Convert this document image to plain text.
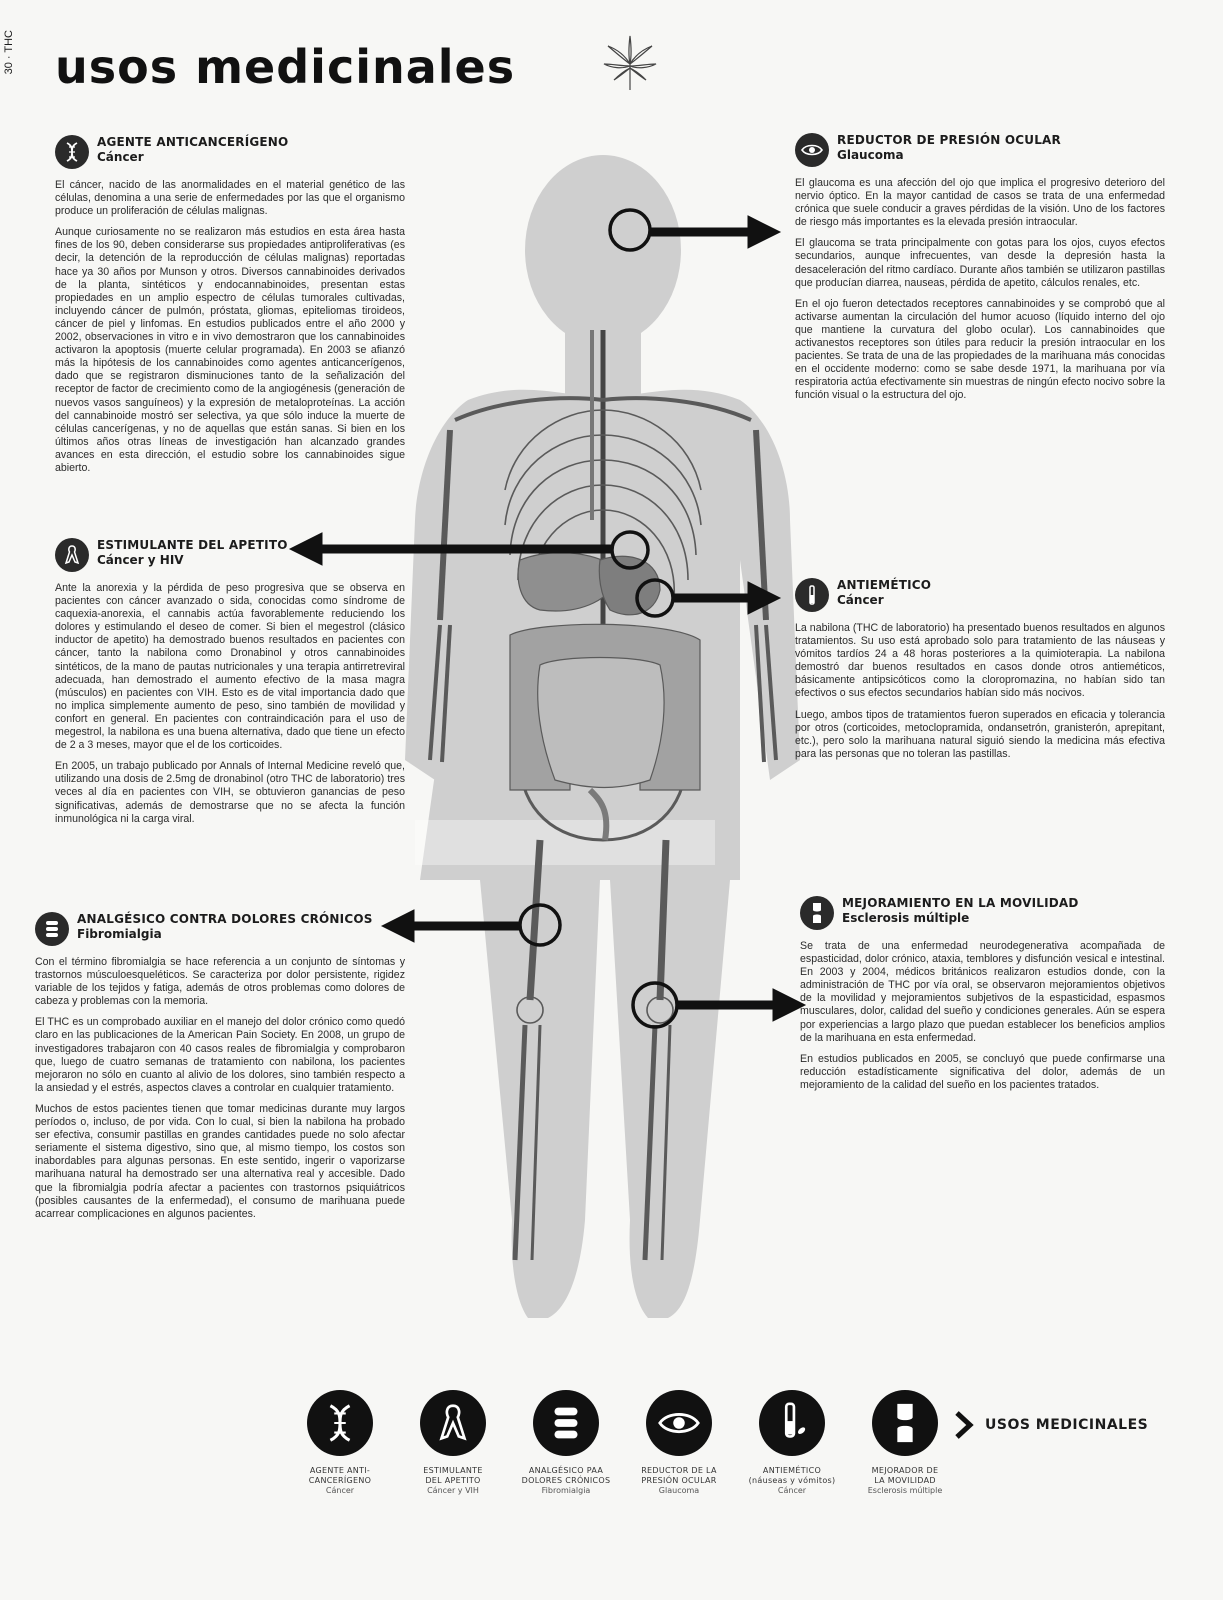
30 · THC usos medicinales
AGENTE ANTICANCERÍGENO
Cáncer

El cáncer, nacido de las anormalidades en el material genético de las células, denomina a una serie de enfermedades por las que el organismo produce un proliferación de células malignas.

Aunque curiosamente no se realizaron más estudios en esta área hasta fines de los 90, deben considerarse sus propiedades antiproliferativas (es decir, la detención de la reproducción de células malignas) reportadas hace ya 30 años por Munson y otros. Diversos cannabinoides derivados de la planta, sintéticos y endocannabinoides, presentan estas propiedades en un amplio espectro de células tumorales cultivadas, incluyendo cáncer de pulmón, próstata, gliomas, epiteliomas tiroideos, cáncer de piel y linfomas. En estudios publicados entre el año 2000 y 2002, observaciones in vitro e in vivo demostraron que los cannabinoides activaron la apoptosis (muerte celular programada). En 2003 se afianzó más la hipótesis de los cannabinoides como agentes anticancerígenos, dado que se registraron disminuciones tanto de la señalización del receptor de factor de crecimiento como de la angiogénesis (generación de nuevos vasos sanguíneos) y la expresión de metaloproteínas. La acción del cannabinoide mostró ser selectiva, ya que sólo induce la muerte de células cancerígenas, y no de aquellas que están sanas. Si bien en los últimos años otras líneas de investigación han alcanzado grandes avances en esta dirección, el estudio sobre los cannabinoides sigue abierto.

ESTIMULANTE DEL APETITO
Cáncer y HIV

Ante la anorexia y la pérdida de peso progresiva que se observa en pacientes con cáncer avanzado o sida, conocidas como síndrome de caquexia-anorexia, el cannabis actúa favorablemente reduciendo los dolores y estimulando el deseo de comer. Si bien el megestrol (clásico inductor de apetito) ha demostrado buenos resultados en pacientes con cáncer, tanto la nabilona como Dronabinol y otros cannabinoides sintéticos, de la mano de pautas nutricionales y una terapia antirretreviral adecuada, han demostrado el aumento efectivo de la masa magra (músculos) en pacientes con VIH. Esto es de vital importancia dado que no implica simplemente aumento de peso, sino también de movilidad y confort en general. En pacientes con contraindicación para el uso de megestrol, la nabilona es una buena alternativa, dado que tiene un efecto de 2 a 3 meses, mayor que el de los corticoides.

En 2005, un trabajo publicado por Annals of Internal Medicine reveló que, utilizando una dosis de 2.5mg de dronabinol (otro THC de laboratorio) tres veces al día en pacientes con VIH, se obtuvieron ganancias de peso significativas, además de demostrarse que no se afecta la función inmunológica ni la carga viral.

ANALGÉSICO CONTRA DOLORES CRÓNICOS
Fibromialgia

Con el término fibromialgia se hace referencia a un conjunto de síntomas y trastornos músculoesqueléticos. Se caracteriza por dolor persistente, rigidez variable de los tejidos y fatiga, además de otros problemas como dolores de cabeza y problemas con la memoria.

El THC es un comprobado auxiliar en el manejo del dolor crónico como quedó claro en las publicaciones de la American Pain Society. En 2008, un grupo de investigadores trabajaron con 40 casos reales de fibromialgia y comprobaron que, luego de cuatro semanas de tratamiento con nabilona, los pacientes mejoraron no sólo en cuanto al alivio de los dolores, sino también respecto a la ansiedad y el estrés, aspectos claves a controlar en cualquier tratamiento.

Muchos de estos pacientes tienen que tomar medicinas durante muy largos períodos o, incluso, de por vida. Con lo cual, si bien la nabilona ha probado ser efectiva, consumir pastillas en grandes cantidades puede no solo afectar seriamente el sistema digestivo, sino que, al mismo tiempo, los costos son inabordables para algunas personas. En este sentido, ingerir o vaporizarse marihuana natural ha demostrado ser una alternativa real y accesible. Dado que la fibromialgia podría afectar a pacientes con trastornos psiquiátricos (posibles causantes de la enfermedad), el consumo de marihuana puede acarrear complicaciones en algunos pacientes.

REDUCTOR DE PRESIÓN OCULAR
Glaucoma

El glaucoma es una afección del ojo que implica el progresivo deterioro del nervio óptico. En la mayor cantidad de casos se trata de una enfermedad crónica que suele conducir a graves pérdidas de la visión. Uno de los factores de riesgo más importantes es la elevada presión intraocular.

El glaucoma se trata principalmente con gotas para los ojos, cuyos efectos secundarios, aunque infrecuentes, van desde la depresión hasta la desaceleración del ritmo cardíaco. Durante años también se utilizaron pastillas que producían diarrea, nauseas, pérdida de apetito, cálculos renales, etc.

En el ojo fueron detectados receptores cannabinoides y se comprobó que al activarse aumentan la circulación del humor acuoso (líquido interno del ojo que mantiene la curvatura del globo ocular). Los cannabinoides que activanestos receptores son útiles para reducir la presión intraocular en los pacientes. Se trata de una de las propiedades de la marihuana más conocidas en el occidente moderno: como se sabe desde 1971, la marihuana por vía respiratoria actúa efectivamente sin muestras de ningún efecto nocivo sobre la función visual o la estructura del ojo.

ANTIEMÉTICO
Cáncer

La nabilona (THC de laboratorio) ha presentado buenos resultados en algunos tratamientos. Su uso está aprobado solo para tratamiento de las náuseas y vómitos tardíos 24 a 48 horas posteriores a la quimioterapia. La nabilona demostró dar buenos resultados en casos donde otros antieméticos, básicamente antipsicóticos como la cloropromazina, no habían sido tan efectivos o sus efectos secundarios habían sido más nocivos.

Luego, ambos tipos de tratamientos fueron superados en eficacia y tolerancia por otros (corticoides, metoclopramida, ondansetrón, granisterón, aprepitant, etc.), pero solo la marihuana natural siguió siendo la medicina más efectiva para las personas que no toleran las pastillas.

MEJORAMIENTO EN LA MOVILIDAD
Esclerosis múltiple

Se trata de una enfermedad neurodegenerativa acompañada de espasticidad, dolor crónico, ataxia, temblores y disfunción vesical e intestinal. En 2003 y 2004, médicos británicos realizaron estudios donde, con la administración de THC por vía oral, se observaron mejoramientos objetivos de la movilidad y mejoramientos subjetivos de la espasticidad, espasmos musculares, dolor, calidad del sueño y condiciones generales. Aún se espera por experiencias a largo plazo que puedan establecer los beneficios amplios de la marihuana en esta enfermedad.

En estudios publicados en 2005, se concluyó que puede confirmarse una reducción estadísticamente significativa del dolor, además de un mejoramiento de la calidad del sueño en los pacientes tratados.

AGENTE ANTI-
CANCERÍGENO
Cáncer
ESTIMULANTE
DEL APETITO
Cáncer y VIH
ANALGÉSICO PAA
DOLORES CRÓNICOS
Fibromialgia
REDUCTOR DE LA
PRESIÓN OCULAR
Glaucoma
ANTIEMÉTICO
(náuseas y vómitos)
Cáncer
MEJORADOR DE
LA MOVILIDAD
Esclerosis múltiple
USOS MEDICINALES
